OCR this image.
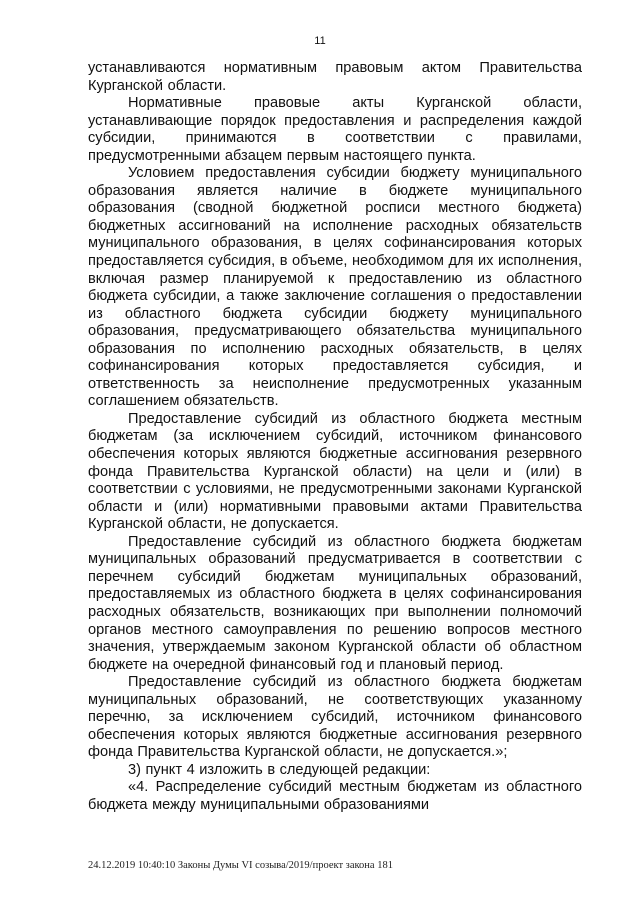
11

устанавливаются нормативным правовым актом Правительства Курганской области.

Нормативные правовые акты Курганской области, устанавливающие порядок предоставления и распределения каждой субсидии, принимаются в соответствии с правилами, предусмотренными абзацем первым настоящего пункта.

Условием предоставления субсидии бюджету муниципального образования является наличие в бюджете муниципального образования (сводной бюджетной росписи местного бюджета) бюджетных ассигнований на исполнение расходных обязательств муниципального образования, в целях софинансирования которых предоставляется субсидия, в объеме, необходимом для их исполнения, включая размер планируемой к предоставлению из областного бюджета субсидии, а также заключение соглашения о предоставлении из областного бюджета субсидии бюджету муниципального образования, предусматривающего обязательства муниципального образования по исполнению расходных обязательств, в целях софинансирования которых предоставляется субсидия, и ответственность за неисполнение предусмотренных указанным соглашением обязательств.

Предоставление субсидий из областного бюджета местным бюджетам (за исключением субсидий, источником финансового обеспечения которых являются бюджетные ассигнования резервного фонда Правительства Курганской области) на цели и (или) в соответствии с условиями, не предусмотренными законами Курганской области и (или) нормативными правовыми актами Правительства Курганской области, не допускается.

Предоставление субсидий из областного бюджета бюджетам муниципальных образований предусматривается в соответствии с перечнем субсидий бюджетам муниципальных образований, предоставляемых из областного бюджета в целях софинансирования расходных обязательств, возникающих при выполнении полномочий органов местного самоуправления по решению вопросов местного значения, утверждаемым законом Курганской области об областном бюджете на очередной финансовый год и плановый период.

Предоставление субсидий из областного бюджета бюджетам муниципальных образований, не соответствующих указанному перечню, за исключением субсидий, источником финансового обеспечения которых являются бюджетные ассигнования резервного фонда Правительства Курганской области, не допускается.»;

3) пункт 4 изложить в следующей редакции:

«4. Распределение субсидий местным бюджетам из областного бюджета между муниципальными образованиями

24.12.2019 10:40:10 Законы Думы VI созыва/2019/проект закона 181
